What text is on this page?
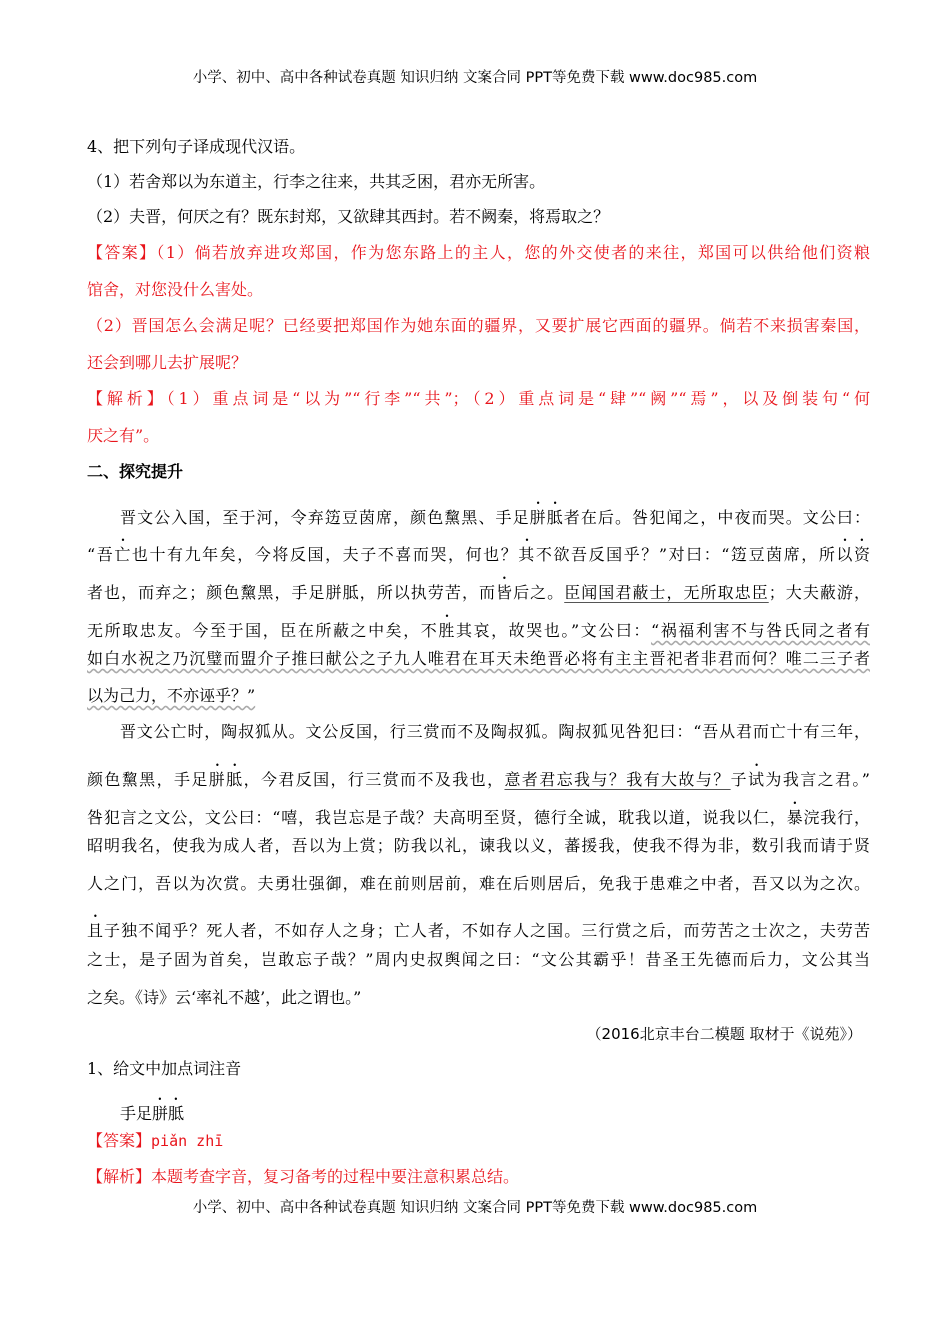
小学、初中、高中各种试卷真题 知识归纳 文案合同 PPT等免费下载 www.doc985.com
4、把下列句子译成现代汉语。
（1）若舍郑以为东道主，行李之往来，共其乏困，君亦无所害。
（2）夫晋，何厌之有？既东封郑，又欲肆其西封。若不阙秦，将焉取之？
【答案】（1）倘若放弃进攻郑国，作为您东路上的主人，您的外交使者的来往，郑国可以供给他们资粮
馆舍，对您没什么害处。
（2）晋国怎么会满足呢？已经要把郑国作为她东面的疆界，又要扩展它西面的疆界。倘若不来损害秦国，
还会到哪儿去扩展呢？
【解析】（1）重点词是“以为”“行李”“共”；（2）重点词是“肆”“阙”“焉”，以及倒装句“何
厌之有”。
二、探究提升
晋文公入国，至于河，令弃笾豆茵席，颜色黧黑、手足胼胝者在后。咎犯闻之，中夜而哭。文公曰：
“吾亡也十有九年矣，今将反国，夫子不喜而哭，何也？其不欲吾反国乎？”对曰：“笾豆茵席，所以资
者也，而弃之；颜色黧黑，手足胼胝，所以执劳苦，而皆后之。臣闻国君蔽士，无所取忠臣；大夫蔽游，
无所取忠友。今至于国，臣在所蔽之中矣，不胜其哀，故哭也。”文公曰：“祸福利害不与咎氏同之者有
如白水祝之乃沉璧而盟介子推曰献公之子九人唯君在耳天未绝晋必将有主主晋祀者非君而何？唯二三子者
以为己力，不亦诬乎？”
晋文公亡时，陶叔狐从。文公反国，行三赏而不及陶叔狐。陶叔狐见咎犯曰：“吾从君而亡十有三年，
颜色黧黑，手足胼胝，今君反国，行三赏而不及我也，意者君忘我与？我有大故与？子试为我言之君。”
咎犯言之文公，文公曰：“嘻，我岂忘是子哉？夫高明至贤，德行全诚，耽我以道，说我以仁，暴浣我行，
昭明我名，使我为成人者，吾以为上赏；防我以礼，谏我以义，蕃援我，使我不得为非，数引我而请于贤
人之门，吾以为次赏。夫勇壮强御，难在前则居前，难在后则居后，免我于患难之中者，吾又以为之次。
且子独不闻乎？死人者，不如存人之身；亡人者，不如存人之国。三行赏之后，而劳苦之士次之，夫劳苦
之士，是子固为首矣，岂敢忘子哉？”周内史叔舆闻之曰：“文公其霸乎！昔圣王先德而后力，文公其当
之矣。《诗》云‘率礼不越’，此之谓也。”
（2016北京丰台二模题 取材于《说苑》）
1、给文中加点词注音
手足胼胝
【答案】piǎn zhī
【解析】本题考查字音，复习备考的过程中要注意积累总结。
小学、初中、高中各种试卷真题 知识归纳 文案合同 PPT等免费下载 www.doc985.com
